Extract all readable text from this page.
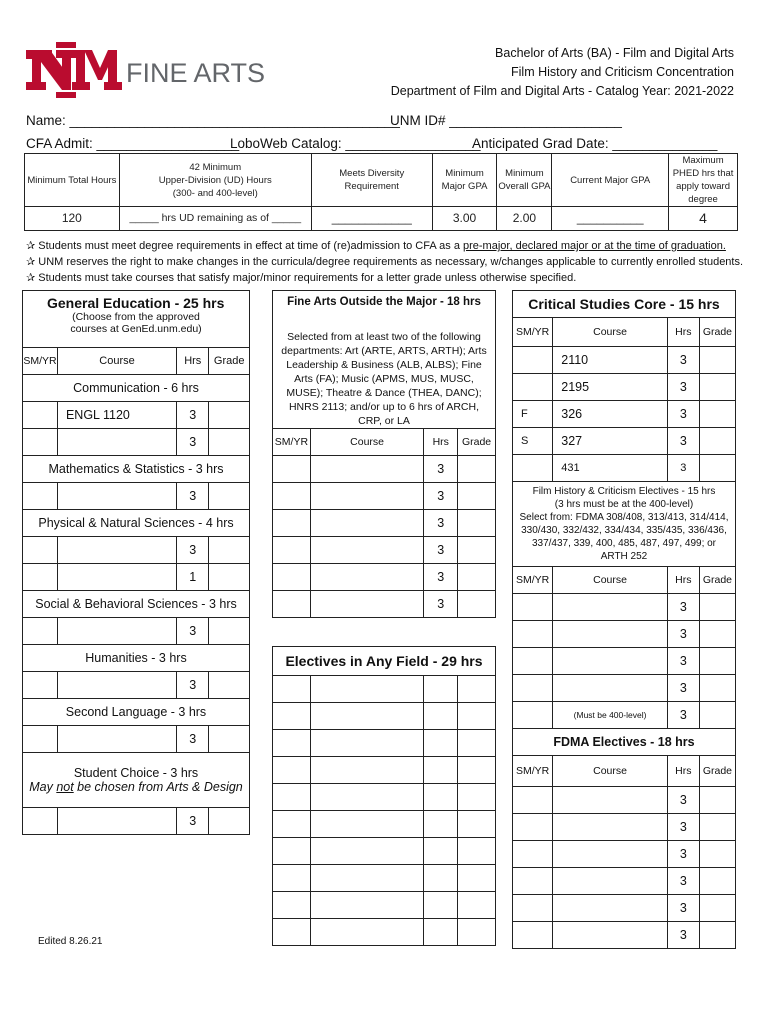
FINE ARTS
Bachelor of Arts (BA) - Film and Digital Arts
Film History and Criticism Concentration
Department of Film and Digital Arts - Catalog Year: 2021-2022
Name: ____________________________________________
UNM ID# _______________________
CFA Admit: ___________________
LoboWeb Catalog: __________________
Anticipated Grad Date: ______________
Minimum Total Hours	42 Minimum
Upper-Division (UD) Hours
(300- and 400-level)	Meets Diversity Requirement	Minimum Major GPA	Minimum Overall GPA	Current Major GPA	Maximum PHED hrs that apply toward degree
120	_____ hrs UD remaining as of _____	____________	3.00	2.00	__________	4
✰ Students must meet degree requirements in effect at time of (re)admission to CFA as a pre-major, declared major or at the time of graduation.
✰ UNM reserves the right to make changes in the curricula/degree requirements as necessary, w/changes applicable to currently enrolled students.
✰ Students must take courses that satisfy major/minor requirements for a letter grade unless otherwise specified.
General Education - 25 hrs
(Choose from the approved
courses at GenEd.unm.edu)			

SM/YR	Course	Hrs	Grade
Communication - 6 hrs			
	ENGL 1120	3	
		3	
Mathematics & Statistics - 3 hrs			
		3	
Physical & Natural Sciences - 4 hrs			
		3	
		1	
Social & Behavioral Sciences - 3 hrs			
		3	
Humanities - 3 hrs			
		3	
Second Language - 3 hrs			
		3	

Student Choice - 3 hrs
May not be chosen from Arts & Design			

		3	
Fine Arts Outside the Major - 18 hrs
Selected from at least two of the following departments: Art (ARTE, ARTS, ARTH); Arts Leadership & Business (ALB, ALBS); Fine Arts (FA); Music (APMS, MUS, MUSC, MUSE); Theatre & Dance (THEA, DANC); HNRS 2113; and/or up to 6 hrs of ARCH, CRP, or LA			

SM/YR	Course	Hrs	Grade
		3	
		3	
		3	
		3	
		3	
		3	
Electives in Any Field - 29 hrs			

Critical Studies Core - 15 hrs			
SM/YR	Course	Hrs	Grade
	2110	3	
	2195	3	
F	326	3	
S	327	3	
	431	3	

Film History & Criticism Electives - 15 hrs
(3 hrs must be at the 400-level)
Select from: FDMA 308/408, 313/413, 314/414, 330/430, 332/432, 334/434, 335/435, 336/436, 337/437, 339, 400, 485, 487, 497, 499; or
ARTH 252			

SM/YR	Course	Hrs	Grade
		3	
		3	
		3	
		3	
	(Must be 400-level)	3	
FDMA Electives - 18 hrs			
SM/YR	Course	Hrs	Grade
		3	
		3	
		3	
		3	
		3	
		3	
Edited 8.26.21
